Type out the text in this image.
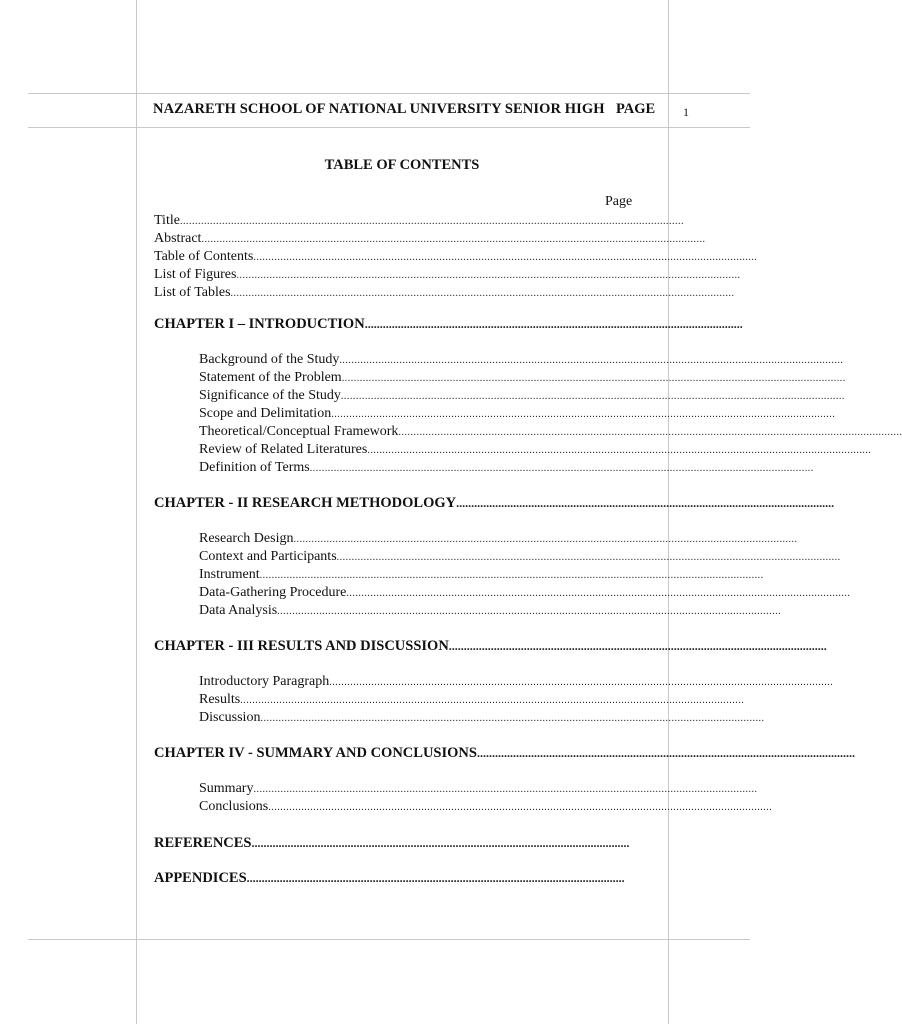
NAZARETH SCHOOL OF NATIONAL UNIVERSITY SENIOR HIGH PAGE 1
TABLE OF CONTENTS
Page
Title ........................................................................................................................................................................
Abstract ........................................................................................................................................................................
Table of Contents ........................................................................................................................................................................
List of Figures ........................................................................................................................................................................
List of Tables ........................................................................................................................................................................
CHAPTER I – INTRODUCTION ..............................................................................................................................
Background of the Study ........................................................................................................................................................................
Statement of the Problem ........................................................................................................................................................................
Significance of the Study ........................................................................................................................................................................
Scope and Delimitation ........................................................................................................................................................................
Theoretical/Conceptual Framework ........................................................................................................................................................................
Review of Related Literatures ........................................................................................................................................................................
Definition of Terms ........................................................................................................................................................................
CHAPTER - II RESEARCH METHODOLOGY ..............................................................................................................................
Research Design ........................................................................................................................................................................
Context and Participants ........................................................................................................................................................................
Instrument ........................................................................................................................................................................
Data-Gathering Procedure ........................................................................................................................................................................
Data Analysis ........................................................................................................................................................................
CHAPTER - III RESULTS AND DISCUSSION ..............................................................................................................................
Introductory Paragraph ........................................................................................................................................................................
Results ........................................................................................................................................................................
Discussion ........................................................................................................................................................................
CHAPTER IV - SUMMARY AND CONCLUSIONS ..............................................................................................................................
Summary ........................................................................................................................................................................
Conclusions ........................................................................................................................................................................
REFERENCES ..............................................................................................................................
APPENDICES ..............................................................................................................................
